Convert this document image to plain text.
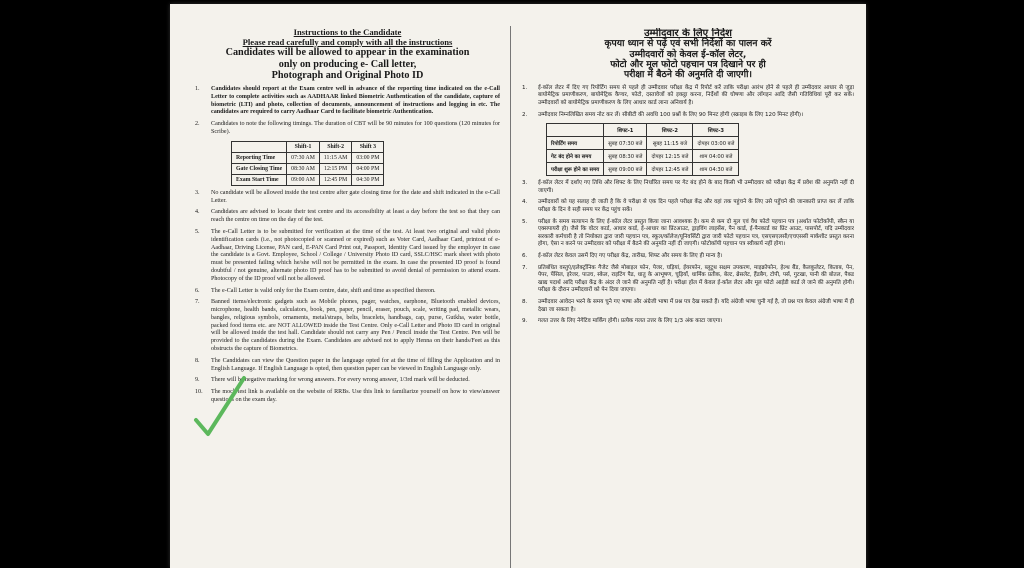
Instructions to the Candidate
Please read carefully and comply with all the instructions
Candidates will be allowed to appear in the examination
only on producing e- Call letter,
Photograph and Original Photo ID
1.	Candidates should report at the Exam centre well in advance of the reporting time indicated on the e-Call Letter to complete activities such as AADHAAR linked Biometric Authentication of the candidate, capture of biometric (LTI) and photo, collection of documents, announcement of instructions and logging in etc. The candidates are required to carry Aadhaar Card to facilitate biometric Authentication.
2.	Candidates to note the following timings. The duration of CBT will be 90 minutes for 100 questions (120 minutes for Scribe).
	Shift-1	Shift-2	Shift 3
Reporting Time	07:30 AM	11:15 AM	03:00 PM
Gate Closing Time	08:30 AM	12:15 PM	04:00 PM
Exam Start Time	09:00 AM	12:45 PM	04:30 PM
3.	No candidate will be allowed inside the test centre after gate closing time for the date and shift indicated in the e-Call Letter.
4.	Candidates are advised to locate their test centre and its accessibility at least a day before the test so that they can reach the centre on time on the day of the test.
5.	The e-Call Letter is to be submitted for verification at the time of the test. At least two original and valid photo identification cards (i.e., not photocopied or scanned or expired) such as Voter Card, Aadhaar Card, printout of e-Aadhaar, Driving License, PAN card, E-PAN Card Print out, Passport, Identity Card issued by the employer in case the candidate is a Govt. Employee, School / College / University Photo ID card, SSLC/HSC mark sheet with photo must be presented failing which he/she will not be permitted in the exam. In case the presented ID proof is found doubtful / not genuine, alternate photo ID proof has to be submitted to avoid denial of permission to attend exam. Photocopy of the ID proof will not be allowed.
6.	The e-Call Letter is valid only for the Exam centre, date, shift and time as specified thereon.
7.	Banned items/electronic gadgets such as Mobile phones, pager, watches, earphone, Bluetooth enabled devices, microphone, health bands, calculators, book, pen, paper, pencil, eraser, pouch, scale, writing pad, metallic wears, bangles, religious symbols, ornaments, metal/straps, belts, bracelets, handbags, cap, purse, Gutkha, water bottle, packed food items etc. are NOT ALLOWED inside the Test Centre. Only e-Call Letter and Photo ID card in original will be allowed inside the test hall. Candidate should not carry any Pen / Pencil inside the Test Centre. Pen will be provided to the candidates during the Exam. Candidates are advised not to apply Henna on their hands/Feet as this obstructs the capture of Biometrics.
8.	The Candidates can view the Question paper in the language opted for at the time of filling the Application and in English Language. If English Language is opted, then question paper can be viewed in English Language only.
9.	There will be negative marking for wrong answers. For every wrong answer, 1/3rd mark will be deducted.
10.	The mock test link is available on the website of RRBs. Use this link to familiarize yourself on how to view/answer questions on the exam day.
उम्मीदवार के लिए निर्देश
कृपया ध्यान से पढ़ें एवं सभी निर्देशों का पालन करें
उम्मीदवारों को केवल ई-कॉल लेटर,
फोटो और मूल फोटो पहचान पत्र दिखाने पर ही
परीक्षा में बैठने की अनुमति दी जाएगी।
1.	ई-कॉल लेटर में दिए गए रिपोर्टिंग समय से पहले ही उम्मीदवार परीक्षा केंद्र में रिपोर्ट करें ताकि परीक्षा आरंभ होने से पहले ही उम्मीदवार आधार से जुड़ा बायोमेट्रिक प्रमाणीकरण, बायोमेट्रिक कैप्चर, फोटो, दस्तावेजों को इकट्ठा करना, निर्देशों की घोषणा और लॉगइन आदि जैसी गतिविधियां पूरी कर सकें। उम्मीदवारों को बायोमेट्रिक प्रमाणीकरण के लिए आधार कार्ड लाना अनिवार्य है।
2.	उम्मीदवार निम्नलिखित समय नोट कर लें। सीबीटी की अवधि 100 प्रश्नों के लिए 90 मिनट होगी (स्क्राइब के लिए 120 मिनट होगी)।
	शिफ्ट-1	शिफ्ट-2	शिफ्ट-3
रिपोर्टिंग समय	सुबह 07:30 बजे	सुबह 11:15 बजे	दोपहर 03:00 बजे
गेट बंद होने का समय	सुबह 08:30 बजे	दोपहर 12:15 बजे	शाम 04:00 बजे
परीक्षा शुरू होने का समय	सुबह 09:00 बजे	दोपहर 12:45 बजे	शाम 04:30 बजे
3.	ई-कॉल लेटर में दर्शाए गए तिथि और शिफ्ट के लिए निर्धारित समय पर गेट बंद होने के बाद किसी भी उम्मीदवार को परीक्षा केंद्र में प्रवेश की अनुमति नहीं दी जाएगी।
4.	उम्मीदवारों को यह सलाह दी जाती है कि वे परीक्षा से एक दिन पहले परीक्षा केंद्र और वहां तक पहुंचने के लिए उसे पहुँचने की जानकारी प्राप्त कर लें ताकि परीक्षा के दिन वे सही समय पर केंद्र पहुंच सकें।
5.	परीक्षा के समय सत्यापन के लिए ई-कॉल लेटर प्रस्तुत किया जाना आवश्यक है। कम से कम दो मूल एवं वैध फोटो पहचान पत्र (अर्थात फोटोकॉपी, स्कैन या एक्सपायरी हो) जैसे कि वोटर कार्ड, आधार कार्ड, ई-आधार का प्रिंटआउट, ड्राइविंग लाइसेंस, पैन कार्ड, ई-पैनकार्ड का प्रिंट आउट, पासपोर्ट, यदि उम्मीदवार सरकारी कर्मचारी है तो नियोक्ता द्वारा जारी पहचान पत्र, स्कूल/कॉलेज/यूनिवर्सिटी द्वारा जारी फोटो पहचान पत्र, एसएसएलसी/एचएससी मार्कशीट प्रस्तुत करना होगा, ऐसा न करने पर उम्मीदवार को परीक्षा में बैठने की अनुमति नहीं दी जाएगी। फोटोकॉपी पहचान पत्र स्वीकार्य नहीं होगा।
6.	ई-कॉल लेटर केवल उसमें दिए गए परीक्षा केंद्र, तारीख, शिफ्ट और समय के लिए ही मान्य है।
7.	प्रतिबंधित वस्तुएं/इलेक्ट्रॉनिक गैजेट जैसे मोबाइल फोन, पेजर, घड़ियां, ईयरफोन, ब्लूटूथ सक्षम उपकरण, माइक्रोफोन, हेल्थ बैंड, कैलकुलेटर, किताब, पेन, पेपर, पेंसिल, इरेजर, पाउच, स्केल, राइटिंग पैड, धातु के आभूषण, चूड़ियाँ, धार्मिक प्रतीक, बेल्ट, ब्रेसलेट, हैंडबैग, टोपी, पर्स, गुटखा, पानी की बोतल, पैक्ड खाद्य पदार्थ आदि परीक्षा केंद्र के अंदर ले जाने की अनुमति नहीं है। परीक्षा हॉल में केवल ई-कॉल लेटर और मूल फोटो आईडी कार्ड ले जाने की अनुमति होगी। परीक्षा के दौरान उम्मीदवारों को पेन दिया जाएगा।
8.	उम्मीदवार आवेदन भरने के समय चुने गए भाषा और अंग्रेजी भाषा में प्रश्न पत्र देख सकते हैं। यदि अंग्रेजी भाषा चुनी गई है, तो प्रश्न पत्र केवल अंग्रेजी भाषा में ही देखा जा सकता है।
9.	गलत उत्तर के लिए नेगेटिव मार्किंग होगी। प्रत्येक गलत उत्तर के लिए 1/3 अंक काटा जाएगा।
